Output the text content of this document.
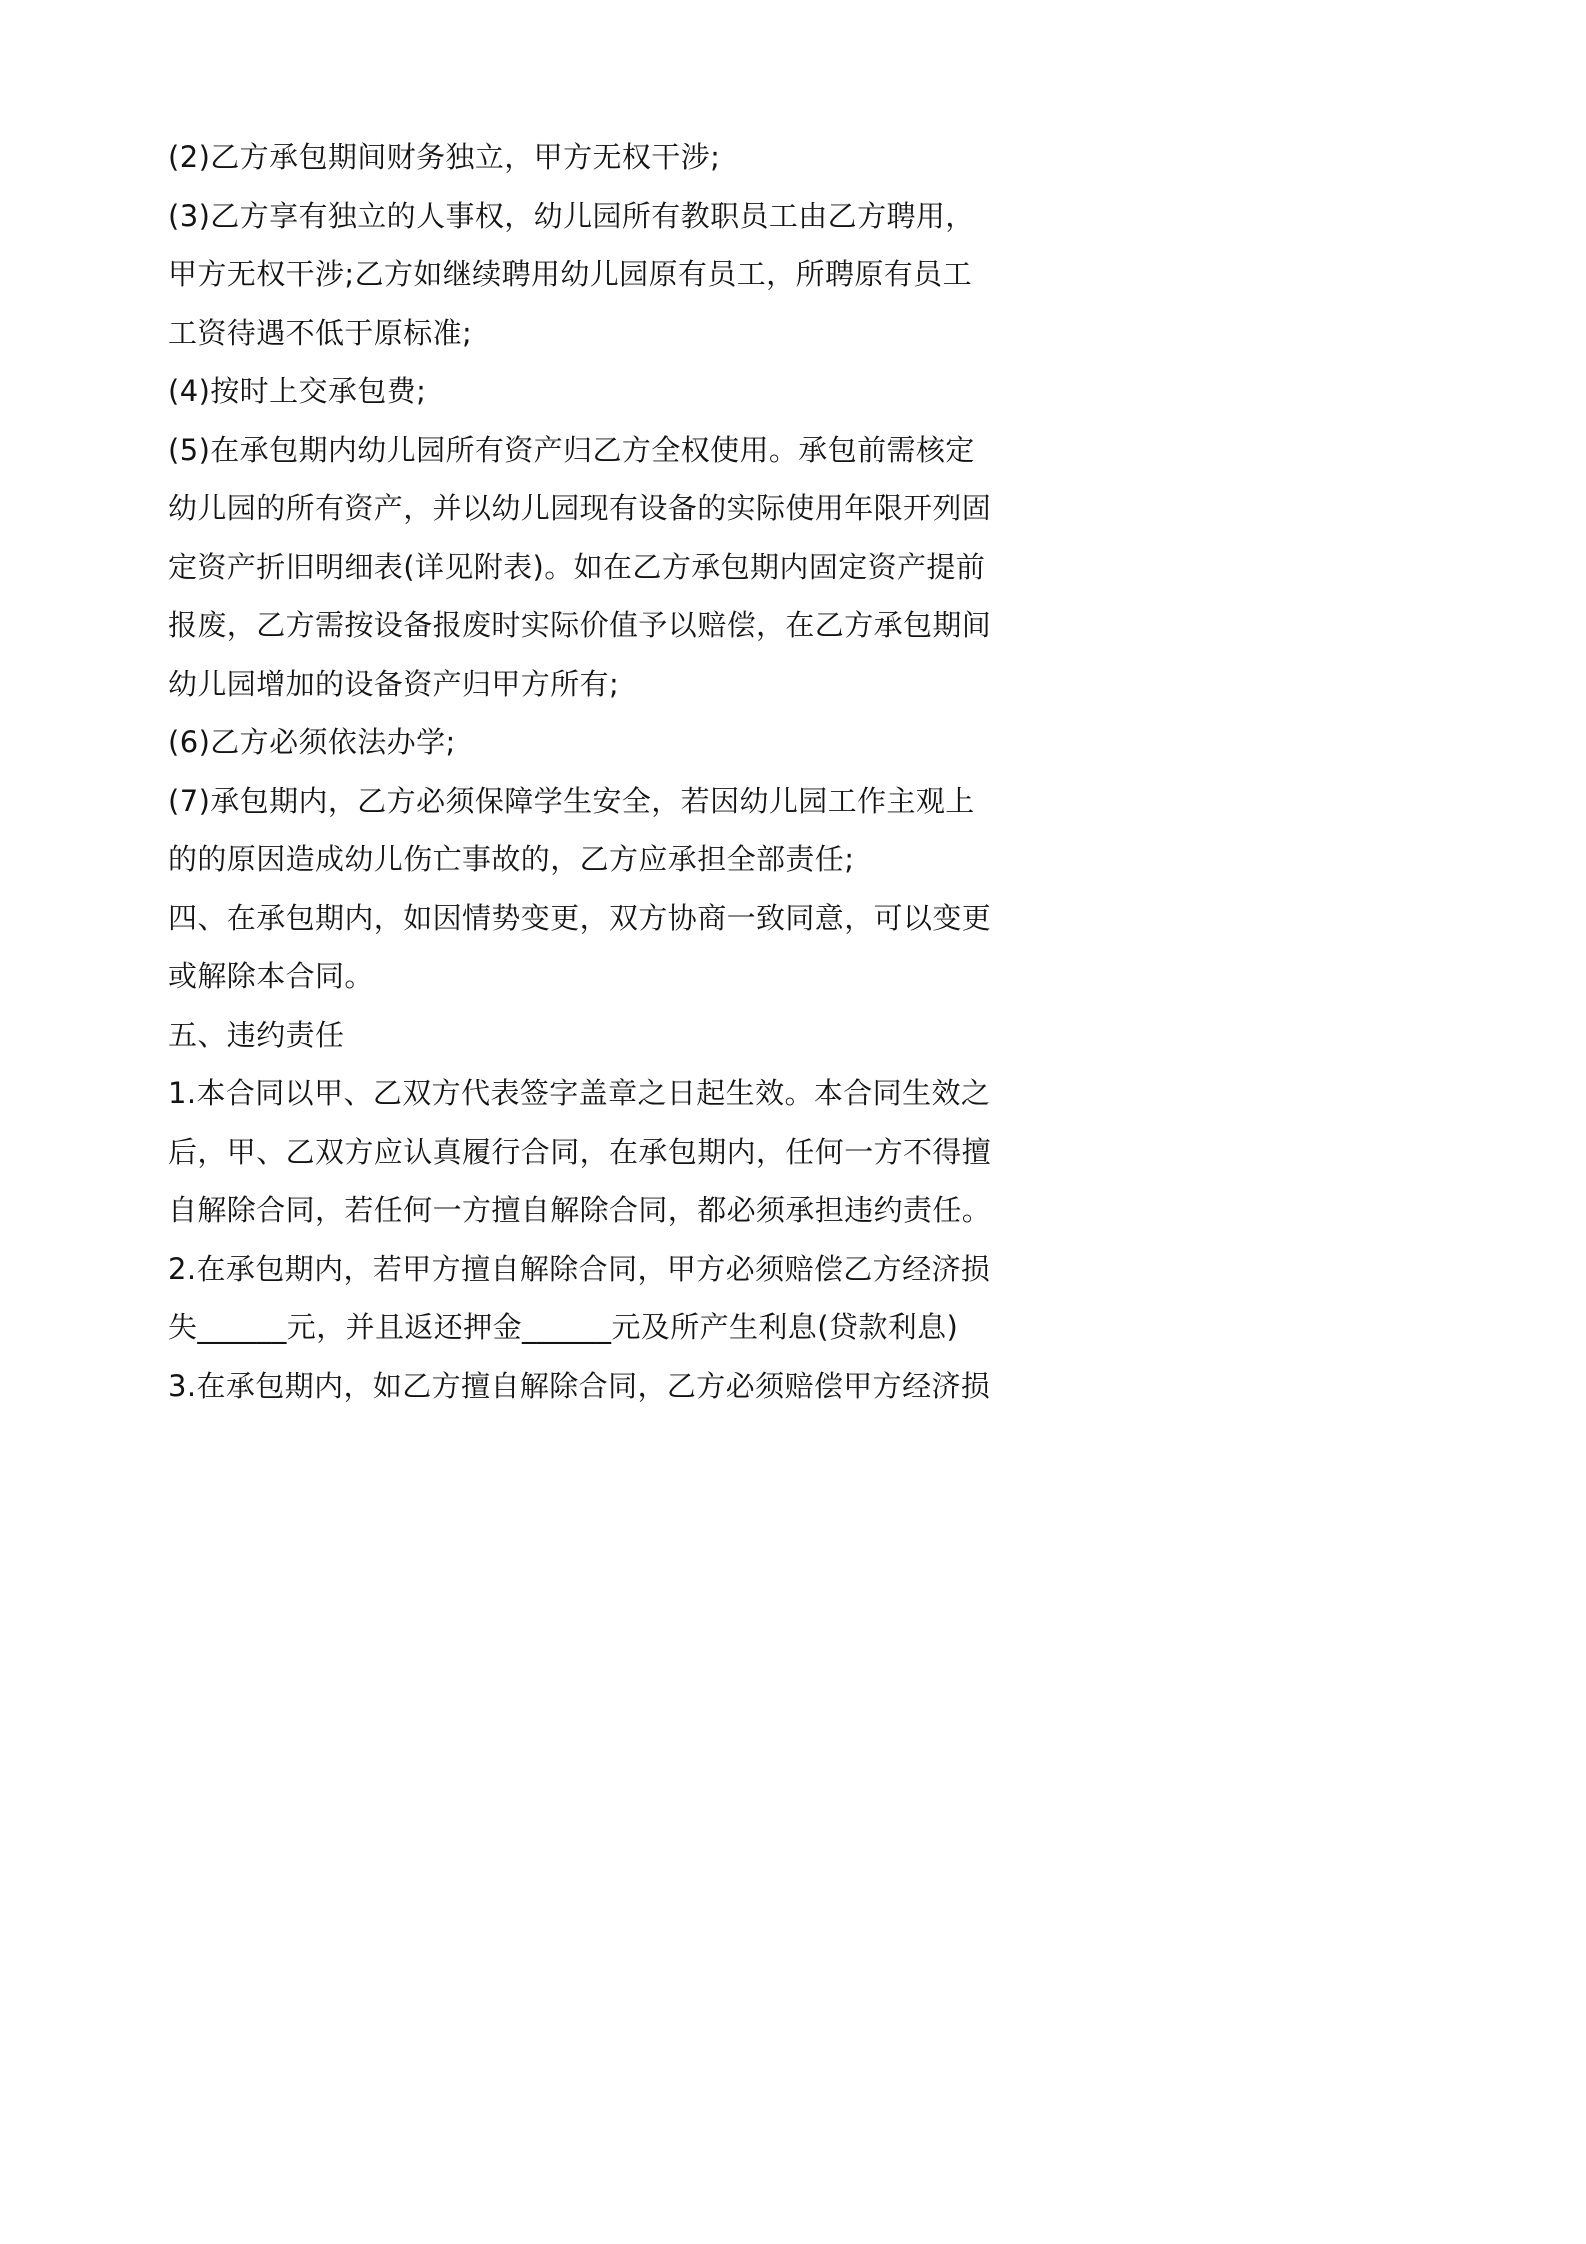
(2)乙方承包期间财务独立，甲方无权干涉;
(3)乙方享有独立的人事权，幼儿园所有教职员工由乙方聘用，
甲方无权干涉;乙方如继续聘用幼儿园原有员工，所聘原有员工
工资待遇不低于原标准;
(4)按时上交承包费;
(5)在承包期内幼儿园所有资产归乙方全权使用。承包前需核定
幼儿园的所有资产，并以幼儿园现有设备的实际使用年限开列固
定资产折旧明细表(详见附表)。如在乙方承包期内固定资产提前
报废，乙方需按设备报废时实际价值予以赔偿，在乙方承包期间
幼儿园增加的设备资产归甲方所有;
(6)乙方必须依法办学;
(7)承包期内，乙方必须保障学生安全，若因幼儿园工作主观上
的的原因造成幼儿伤亡事故的，乙方应承担全部责任;
四、在承包期内，如因情势变更，双方协商一致同意，可以变更
或解除本合同。
五、违约责任
1.本合同以甲、乙双方代表签字盖章之日起生效。本合同生效之
后，甲、乙双方应认真履行合同，在承包期内，任何一方不得擅
自解除合同，若任何一方擅自解除合同，都必须承担违约责任。
2.在承包期内，若甲方擅自解除合同，甲方必须赔偿乙方经济损
失______元，并且返还押金______元及所产生利息(贷款利息)
3.在承包期内，如乙方擅自解除合同，乙方必须赔偿甲方经济损
